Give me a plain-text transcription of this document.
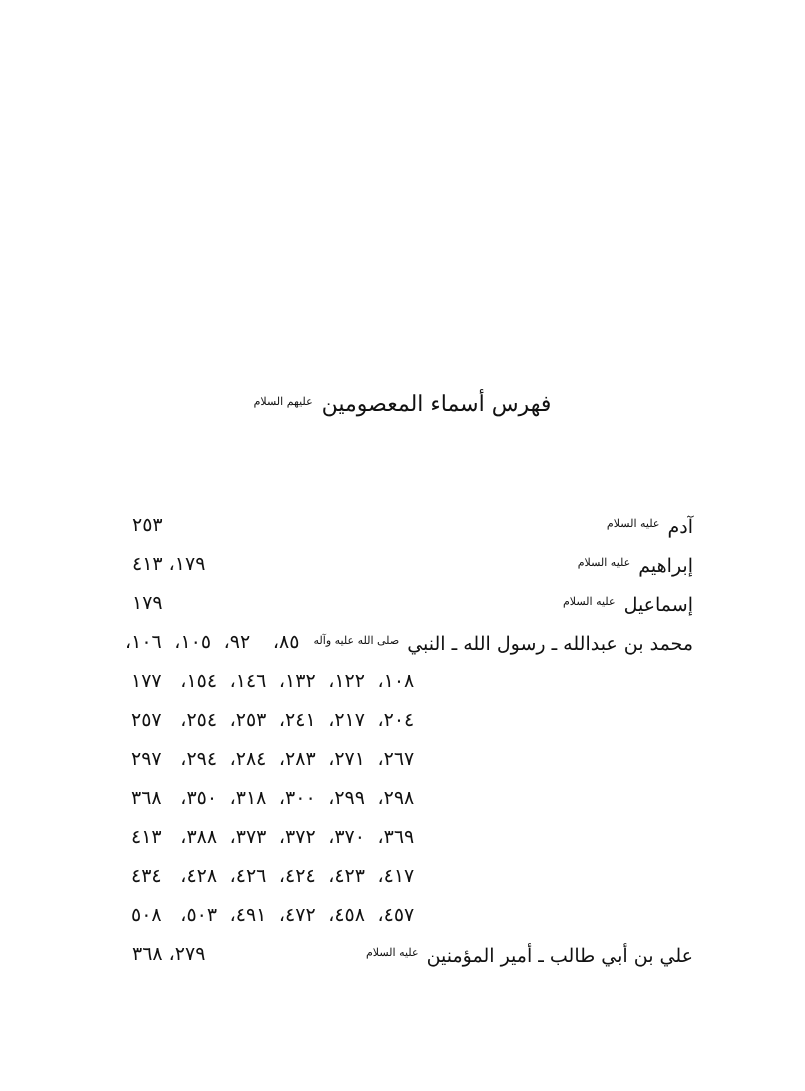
فهرس أسماء المعصومين $^{عليهم السلام}$
آدم $^{عليه السلام}$
٢٥٣
إبراهيم $^{عليه السلام}$
١٧٩، ٤١٣
إسماعيل $^{عليه السلام}$
١٧٩
محمد بن عبدالله ـ رسول الله ـ النبي $^{صلى الله عليه وآله}$
٨٥،
٩٢،
١٠٥،
١٠٦،
١٠٨،
١٢٢،
١٣٢،
١٤٦،
١٥٤،
١٧٧
٢٠٤،
٢١٧،
٢٤١،
٢٥٣،
٢٥٤،
٢٥٧
٢٦٧،
٢٧١،
٢٨٣،
٢٨٤،
٢٩٤،
٢٩٧
٢٩٨،
٢٩٩،
٣٠٠،
٣١٨،
٣٥٠،
٣٦٨
٣٦٩،
٣٧٠،
٣٧٢،
٣٧٣،
٣٨٨،
٤١٣
٤١٧،
٤٢٣،
٤٢٤،
٤٢٦،
٤٢٨،
٤٣٤
٤٥٧،
٤٥٨،
٤٧٢،
٤٩١،
٥٠٣،
٥٠٨
علي بن أبي طالب ـ أمير المؤمنين $^{عليه السلام}$
٢٧٩، ٣٦٨
